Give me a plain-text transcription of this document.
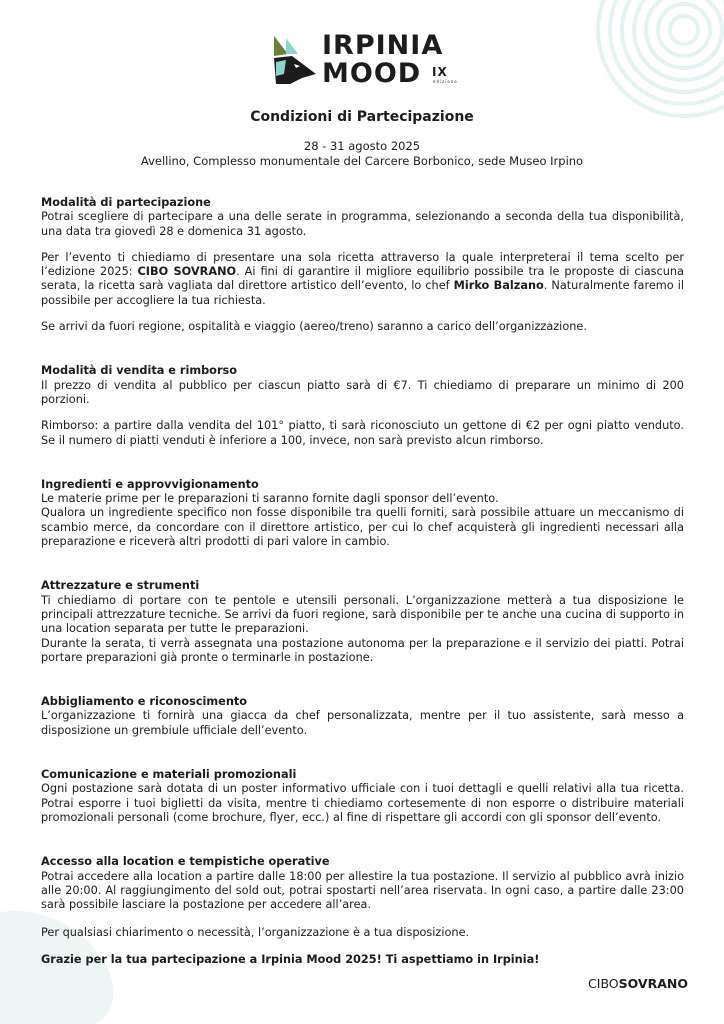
IRPINIA
MOOD IX
edizione
Condizioni di Partecipazione
28 - 31 agosto 2025
Avellino, Complesso monumentale del Carcere Borbonico, sede Museo Irpino
Modalità di partecipazione

Potrai scegliere di partecipare a una delle serate in programma, selezionando a seconda della tua disponibilità, una data tra giovedì 28 e domenica 31 agosto.

Per l’evento ti chiediamo di presentare una sola ricetta attraverso la quale interpreterai il tema scelto per l’edizione 2025: CIBO SOVRANO. Ai fini di garantire il migliore equilibrio possibile tra le proposte di ciascuna serata, la ricetta sarà vagliata dal direttore artistico dell’evento, lo chef Mirko Balzano. Naturalmente faremo il possibile per accogliere la tua richiesta.

Se arrivi da fuori regione, ospitalità e viaggio (aereo/treno) saranno a carico dell’organizzazione.

Modalità di vendita e rimborso

Il prezzo di vendita al pubblico per ciascun piatto sarà di €7. Ti chiediamo di preparare un minimo di 200 porzioni.

Rimborso: a partire dalla vendita del 101° piatto, ti sarà riconosciuto un gettone di €2 per ogni piatto venduto. Se il numero di piatti venduti è inferiore a 100, invece, non sarà previsto alcun rimborso.

Ingredienti e approvvigionamento

Le materie prime per le preparazioni ti saranno fornite dagli sponsor dell’evento.

Qualora un ingrediente specifico non fosse disponibile tra quelli forniti, sarà possibile attuare un meccanismo di scambio merce, da concordare con il direttore artistico, per cui lo chef acquisterà gli ingredienti necessari alla preparazione e riceverà altri prodotti di pari valore in cambio.

Attrezzature e strumenti

Ti chiediamo di portare con te pentole e utensili personali. L’organizzazione metterà a tua disposizione le principali attrezzature tecniche. Se arrivi da fuori regione, sarà disponibile per te anche una cucina di supporto in una location separata per tutte le preparazioni.

Durante la serata, ti verrà assegnata una postazione autonoma per la preparazione e il servizio dei piatti. Potrai portare preparazioni già pronte o terminarle in postazione.

Abbigliamento e riconoscimento

L’organizzazione ti fornirà una giacca da chef personalizzata, mentre per il tuo assistente, sarà messo a disposizione un grembiule ufficiale dell’evento.

Comunicazione e materiali promozionali

Ogni postazione sarà dotata di un poster informativo ufficiale con i tuoi dettagli e quelli relativi alla tua ricetta. Potrai esporre i tuoi biglietti da visita, mentre ti chiediamo cortesemente di non esporre o distribuire materiali promozionali personali (come brochure, flyer, ecc.) al fine di rispettare gli accordi con gli sponsor dell’evento.

Accesso alla location e tempistiche operative

Potrai accedere alla location a partire dalle 18:00 per allestire la tua postazione. Il servizio al pubblico avrà inizio alle 20:00. Al raggiungimento del sold out, potrai spostarti nell’area riservata. In ogni caso, a partire dalle 23:00 sarà possibile lasciare la postazione per accedere all’area.

Per qualsiasi chiarimento o necessità, l’organizzazione è a tua disposizione.

Grazie per la tua partecipazione a Irpinia Mood 2025! Ti aspettiamo in Irpinia!

CIBOSOVRANO
